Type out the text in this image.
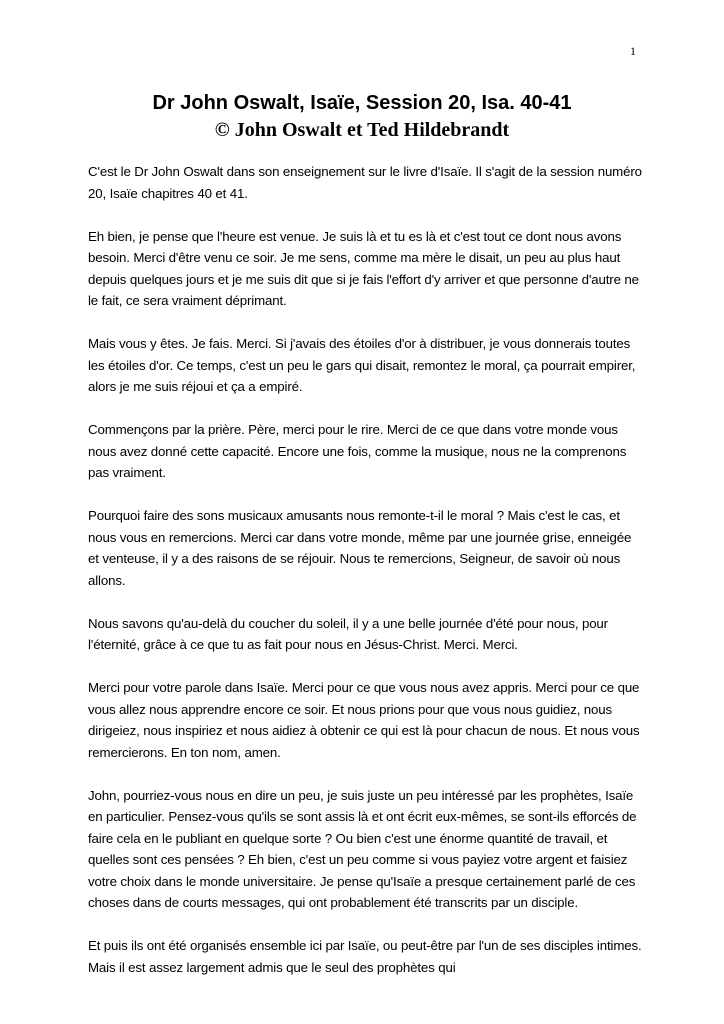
1
Dr John Oswalt, Isaïe, Session 20, Isa. 40-41
© John Oswalt et Ted Hildebrandt

C'est le Dr John Oswalt dans son enseignement sur le livre d'Isaïe. Il s'agit de la session numéro 20, Isaïe chapitres 40 et 41.

Eh bien, je pense que l'heure est venue. Je suis là et tu es là et c'est tout ce dont nous avons besoin. Merci d'être venu ce soir. Je me sens, comme ma mère le disait, un peu au plus haut depuis quelques jours et je me suis dit que si je fais l'effort d'y arriver et que personne d'autre ne le fait, ce sera vraiment déprimant.

Mais vous y êtes. Je fais. Merci. Si j'avais des étoiles d'or à distribuer, je vous donnerais toutes les étoiles d'or. Ce temps, c'est un peu le gars qui disait, remontez le moral, ça pourrait empirer, alors je me suis réjoui et ça a empiré.

Commençons par la prière. Père, merci pour le rire. Merci de ce que dans votre monde vous nous avez donné cette capacité. Encore une fois, comme la musique, nous ne la comprenons pas vraiment.

Pourquoi faire des sons musicaux amusants nous remonte-t-il le moral ? Mais c'est le cas, et nous vous en remercions. Merci car dans votre monde, même par une journée grise, enneigée et venteuse, il y a des raisons de se réjouir. Nous te remercions, Seigneur, de savoir où nous allons.

Nous savons qu'au-delà du coucher du soleil, il y a une belle journée d'été pour nous, pour l'éternité, grâce à ce que tu as fait pour nous en Jésus-Christ. Merci. Merci.

Merci pour votre parole dans Isaïe. Merci pour ce que vous nous avez appris. Merci pour ce que vous allez nous apprendre encore ce soir. Et nous prions pour que vous nous guidiez, nous dirigeiez, nous inspiriez et nous aidiez à obtenir ce qui est là pour chacun de nous. Et nous vous remercierons. En ton nom, amen.

John, pourriez-vous nous en dire un peu, je suis juste un peu intéressé par les prophètes, Isaïe en particulier. Pensez-vous qu'ils se sont assis là et ont écrit eux-mêmes, se sont-ils efforcés de faire cela en le publiant en quelque sorte ? Ou bien c'est une énorme quantité de travail, et quelles sont ces pensées ? Eh bien, c'est un peu comme si vous payiez votre argent et faisiez votre choix dans le monde universitaire. Je pense qu'Isaïe a presque certainement parlé de ces choses dans de courts messages, qui ont probablement été transcrits par un disciple.

Et puis ils ont été organisés ensemble ici par Isaïe, ou peut-être par l'un de ses disciples intimes. Mais il est assez largement admis que le seul des prophètes qui
